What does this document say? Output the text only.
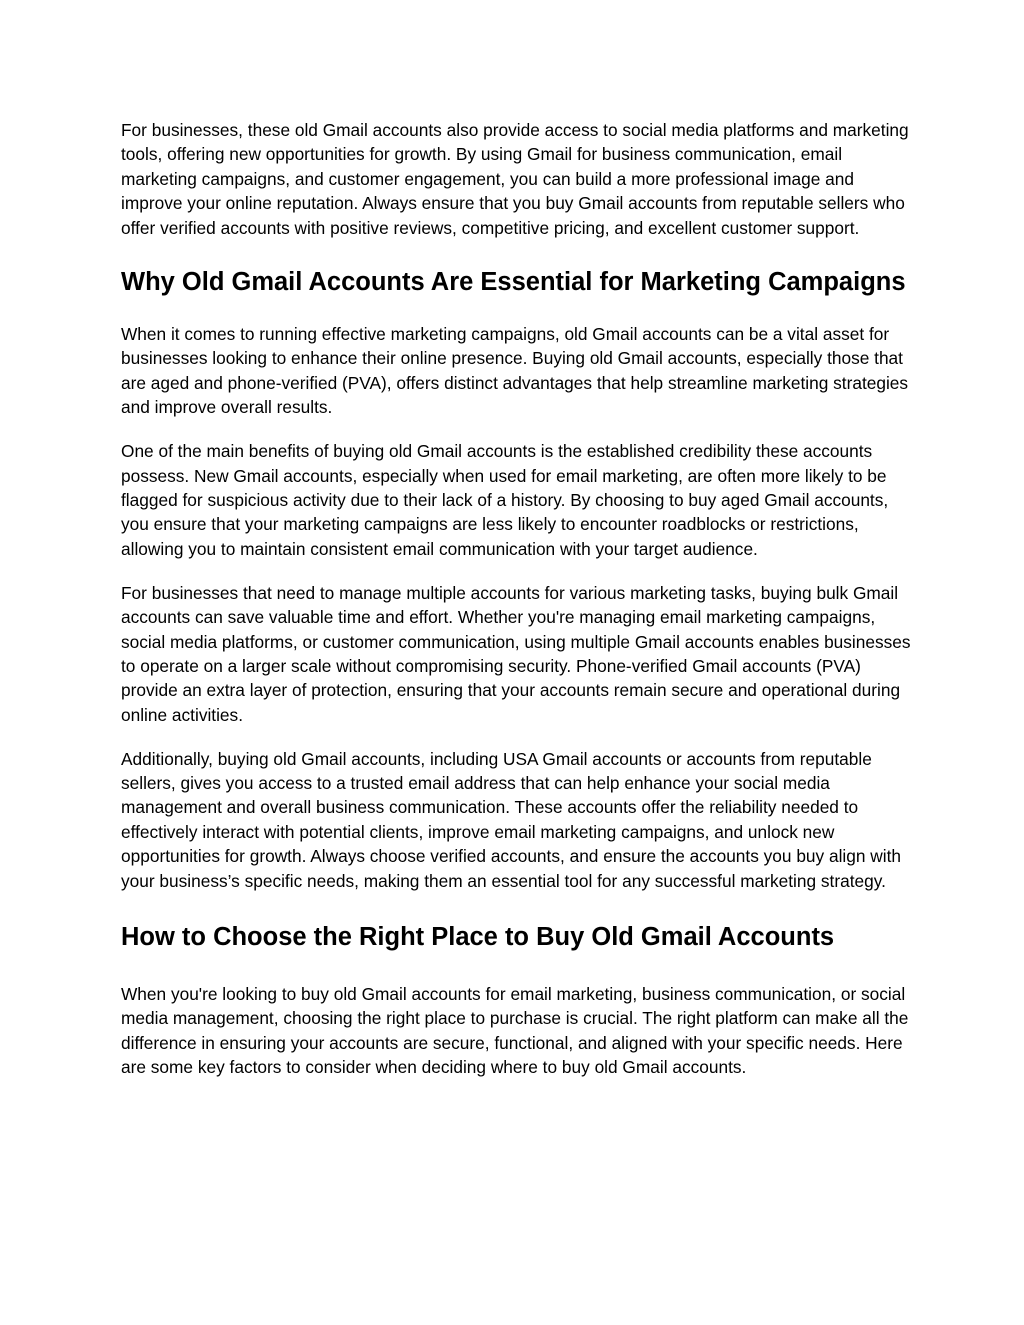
For businesses, these old Gmail accounts also provide access to social media platforms and marketing tools, offering new opportunities for growth. By using Gmail for business communication, email marketing campaigns, and customer engagement, you can build a more professional image and improve your online reputation. Always ensure that you buy Gmail accounts from reputable sellers who offer verified accounts with positive reviews, competitive pricing, and excellent customer support.

Why Old Gmail Accounts Are Essential for Marketing Campaigns

When it comes to running effective marketing campaigns, old Gmail accounts can be a vital asset for businesses looking to enhance their online presence. Buying old Gmail accounts, especially those that are aged and phone-verified (PVA), offers distinct advantages that help streamline marketing strategies and improve overall results.

One of the main benefits of buying old Gmail accounts is the established credibility these accounts possess. New Gmail accounts, especially when used for email marketing, are often more likely to be flagged for suspicious activity due to their lack of a history. By choosing to buy aged Gmail accounts, you ensure that your marketing campaigns are less likely to encounter roadblocks or restrictions, allowing you to maintain consistent email communication with your target audience.

For businesses that need to manage multiple accounts for various marketing tasks, buying bulk Gmail accounts can save valuable time and effort. Whether you're managing email marketing campaigns, social media platforms, or customer communication, using multiple Gmail accounts enables businesses to operate on a larger scale without compromising security. Phone-verified Gmail accounts (PVA) provide an extra layer of protection, ensuring that your accounts remain secure and operational during online activities.

Additionally, buying old Gmail accounts, including USA Gmail accounts or accounts from reputable sellers, gives you access to a trusted email address that can help enhance your social media management and overall business communication. These accounts offer the reliability needed to effectively interact with potential clients, improve email marketing campaigns, and unlock new opportunities for growth. Always choose verified accounts, and ensure the accounts you buy align with your business’s specific needs, making them an essential tool for any successful marketing strategy.

How to Choose the Right Place to Buy Old Gmail Accounts

When you're looking to buy old Gmail accounts for email marketing, business communication, or social media management, choosing the right place to purchase is crucial. The right platform can make all the difference in ensuring your accounts are secure, functional, and aligned with your specific needs. Here are some key factors to consider when deciding where to buy old Gmail accounts.
